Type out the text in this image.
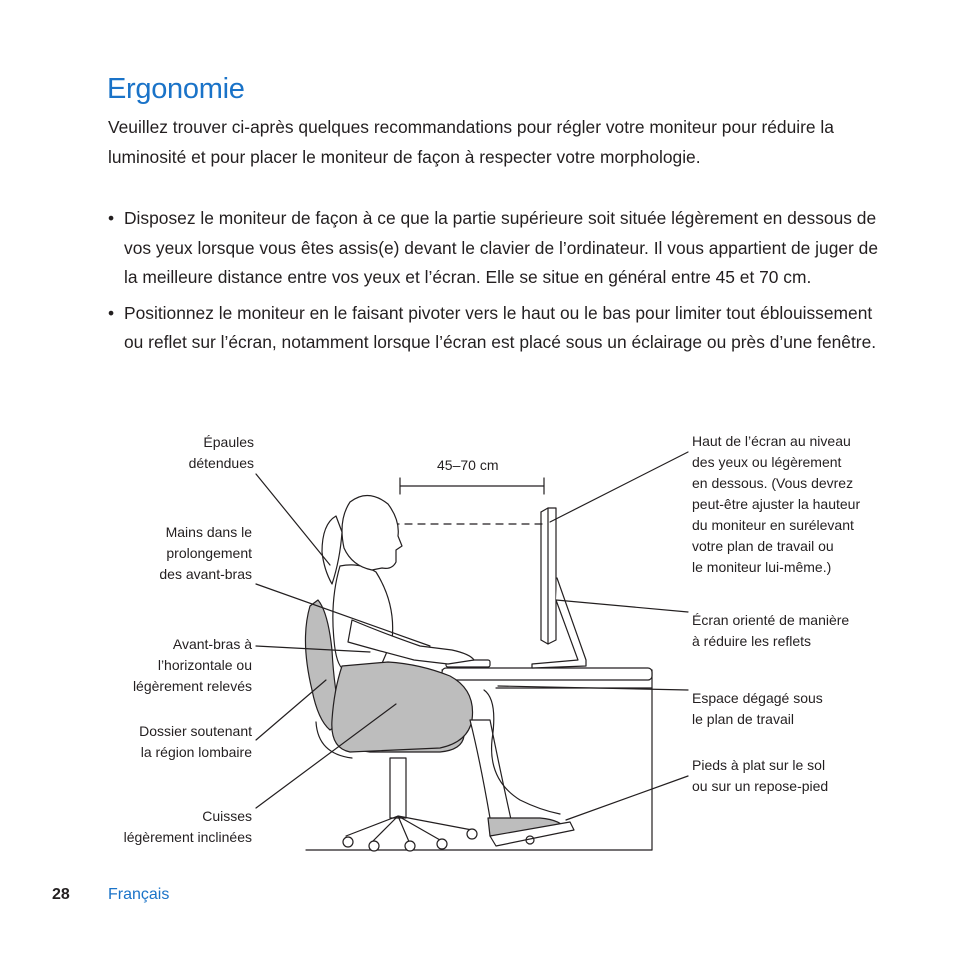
Ergonomie

Veuillez trouver ci-après quelques recommandations pour régler votre moniteur pour réduire la luminosité et pour placer le moniteur de façon à respecter votre morphologie.

• Disposez le moniteur de façon à ce que la partie supérieure soit située légèrement en dessous de vos yeux lorsque vous êtes assis(e) devant le clavier de l’ordinateur. Il vous appartient de juger de la meilleure distance entre vos yeux et l’écran. Elle se situe en général entre 45 et 70 cm.
• Positionnez le moniteur en le faisant pivoter vers le haut ou le bas pour limiter tout éblouissement ou reflet sur l’écran, notamment lorsque l’écran est placé sous un éclairage ou près d’une fenêtre.
45–70 cm
Épaules
détendues
Mains dans le
prolongement
des avant-bras
Avant-bras à
l’horizontale ou
légèrement relevés
Dossier soutenant
la région lombaire
Cuisses
légèrement inclinées
Haut de l’écran au niveau
des yeux ou légèrement
en dessous. (Vous devrez
peut-être ajuster la hauteur
du moniteur en surélevant
votre plan de travail ou
le moniteur lui-même.)
Écran orienté de manière
à réduire les reflets
Espace dégagé sous
le plan de travail
Pieds à plat sur le sol
ou sur un repose-pied
28 Français
